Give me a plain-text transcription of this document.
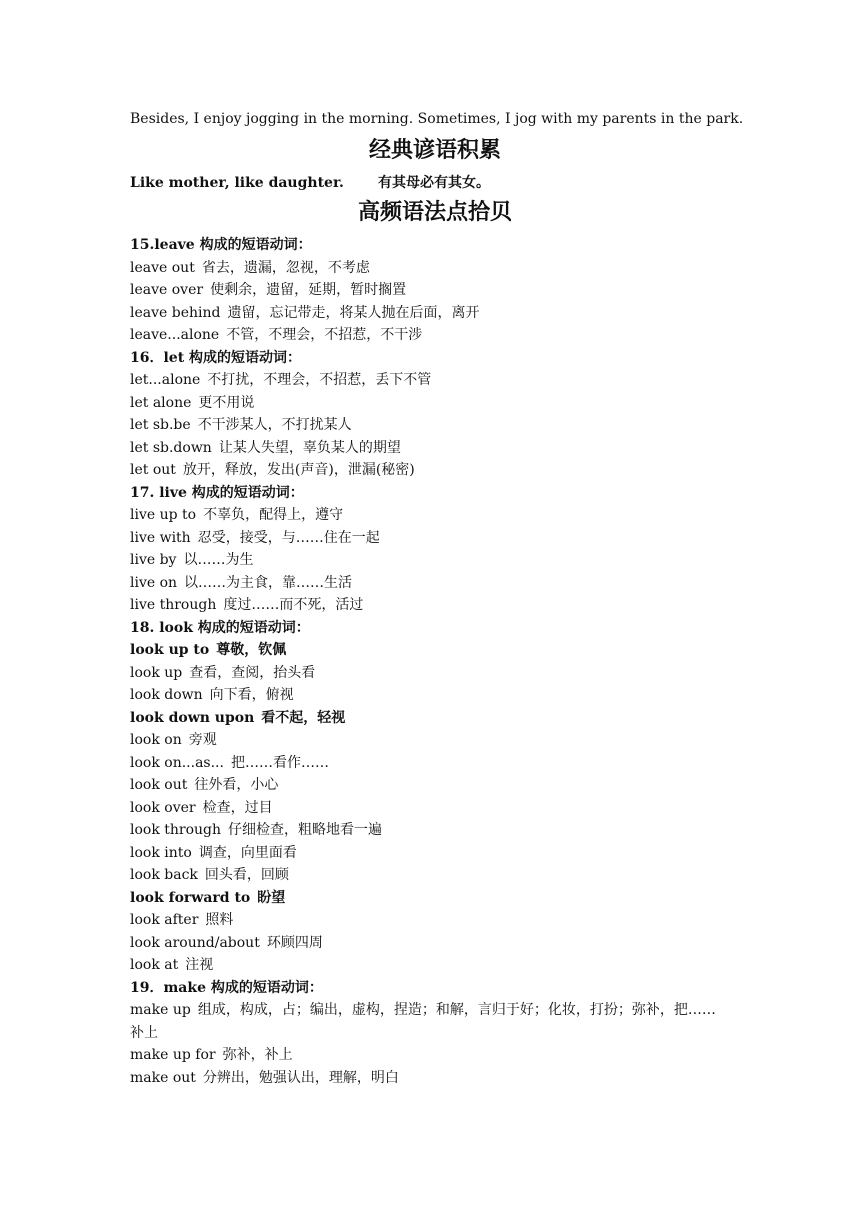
Besides, I enjoy jogging in the morning. Sometimes, I jog with my parents in the park.

经典谚语积累
Like mother, like daughter.	有其母必有其女。
高频语法点拾贝

15.leave 构成的短语动词：

leave out 省去，遗漏，忽视，不考虑

leave over 使剩余，遗留，延期，暂时搁置

leave behind 遗留，忘记带走，将某人抛在后面，离开

leave...alone 不管，不理会，不招惹，不干涉

16．let 构成的短语动词：

let...alone 不打扰，不理会，不招惹，丢下不管

let alone 更不用说

let sb.be 不干涉某人，不打扰某人

let sb.down 让某人失望，辜负某人的期望

let out 放开，释放，发出(声音)，泄漏(秘密)

17. live 构成的短语动词：

live up to 不辜负，配得上，遵守

live with 忍受，接受，与……住在一起

live by 以……为生

live on 以……为主食，靠……生活

live through 度过……而不死，活过

18. look 构成的短语动词：

look up to 尊敬，钦佩

look up 查看，查阅，抬头看

look down 向下看，俯视

look down upon 看不起，轻视

look on 旁观

look on...as... 把……看作……

look out 往外看，小心

look over 检查，过目

look through 仔细检查，粗略地看一遍

look into 调查，向里面看

look back 回头看，回顾

look forward to 盼望

look after 照料

look around/about 环顾四周

look at 注视

19．make 构成的短语动词：

make up 组成，构成，占；编出，虚构，捏造；和解，言归于好；化妆，打扮；弥补，把……

补上

make up for 弥补，补上

make out 分辨出，勉强认出，理解，明白
